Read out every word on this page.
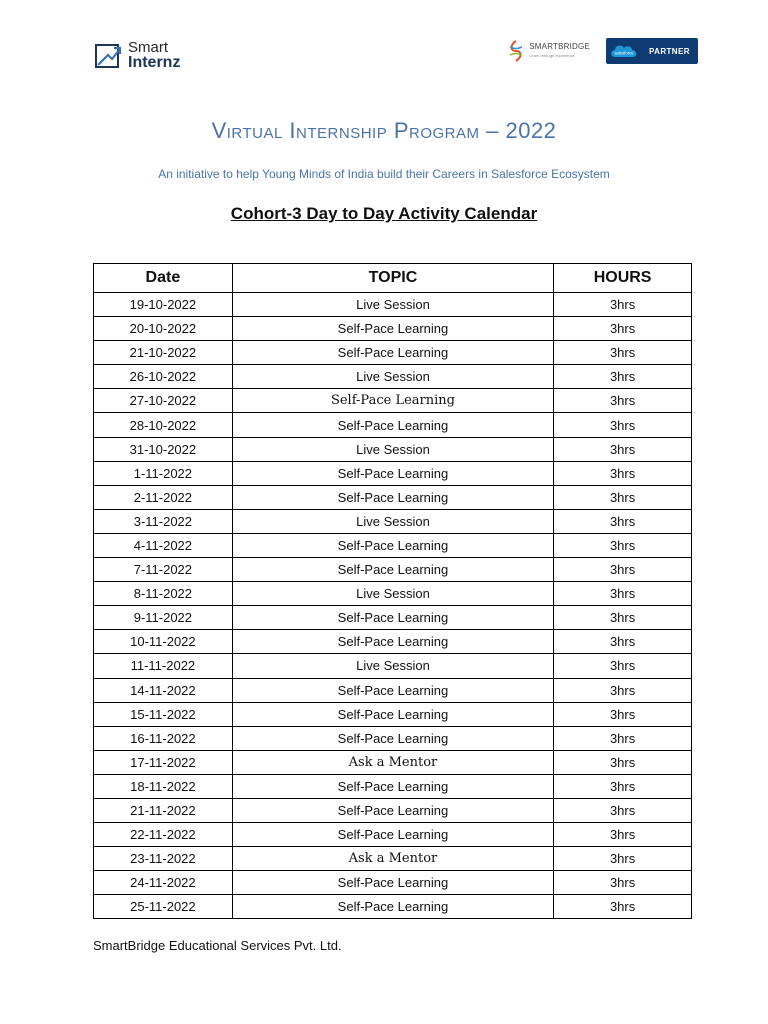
Smart
Internz
SMARTBRIDGE
Learn through experience	salesforce PARTNER
Virtual Internship Program – 2022
An initiative to help Young Minds of India build their Careers in Salesforce Ecosystem
Cohort-3 Day to Day Activity Calendar
Date	TOPIC	HOURS
19-10-2022	Live Session	3hrs
20-10-2022	Self-Pace Learning	3hrs
21-10-2022	Self-Pace Learning	3hrs
26-10-2022	Live Session	3hrs
27-10-2022	Self-Pace Learning	3hrs
28-10-2022	Self-Pace Learning	3hrs
31-10-2022	Live Session	3hrs
1-11-2022	Self-Pace Learning	3hrs
2-11-2022	Self-Pace Learning	3hrs
3-11-2022	Live Session	3hrs
4-11-2022	Self-Pace Learning	3hrs
7-11-2022	Self-Pace Learning	3hrs
8-11-2022	Live Session	3hrs
9-11-2022	Self-Pace Learning	3hrs
10-11-2022	Self-Pace Learning	3hrs
11-11-2022	Live Session	3hrs
14-11-2022	Self-Pace Learning	3hrs
15-11-2022	Self-Pace Learning	3hrs
16-11-2022	Self-Pace Learning	3hrs
17-11-2022	Ask a Mentor	3hrs
18-11-2022	Self-Pace Learning	3hrs
21-11-2022	Self-Pace Learning	3hrs
22-11-2022	Self-Pace Learning	3hrs
23-11-2022	Ask a Mentor	3hrs
24-11-2022	Self-Pace Learning	3hrs
25-11-2022	Self-Pace Learning	3hrs
SmartBridge Educational Services Pvt. Ltd.
